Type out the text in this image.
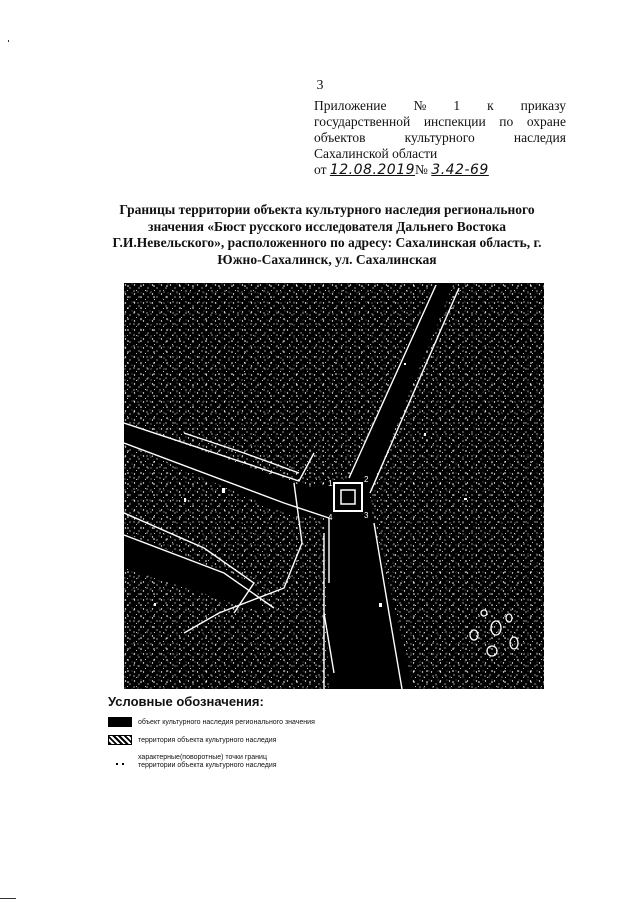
3
Приложение № 1 к приказу
государственной инспекции по охране
объектов	культурного	наследия
Сахалинской области
от
12.08.2019 №
3.42-69
Границы территории объекта культурного наследия регионального значения «Бюст русского исследователя Дальнего Востока Г.И.Невельского», расположенного по адресу: Сахалинская область, г. Южно-Сахалинск, ул. Сахалинская
1	2
3
4
Условные обозначения:
объект культурного наследия регионального значения
территория объекта культурного наследия
характерные(поворотные) точки границ
территории объекта культурного наследия
